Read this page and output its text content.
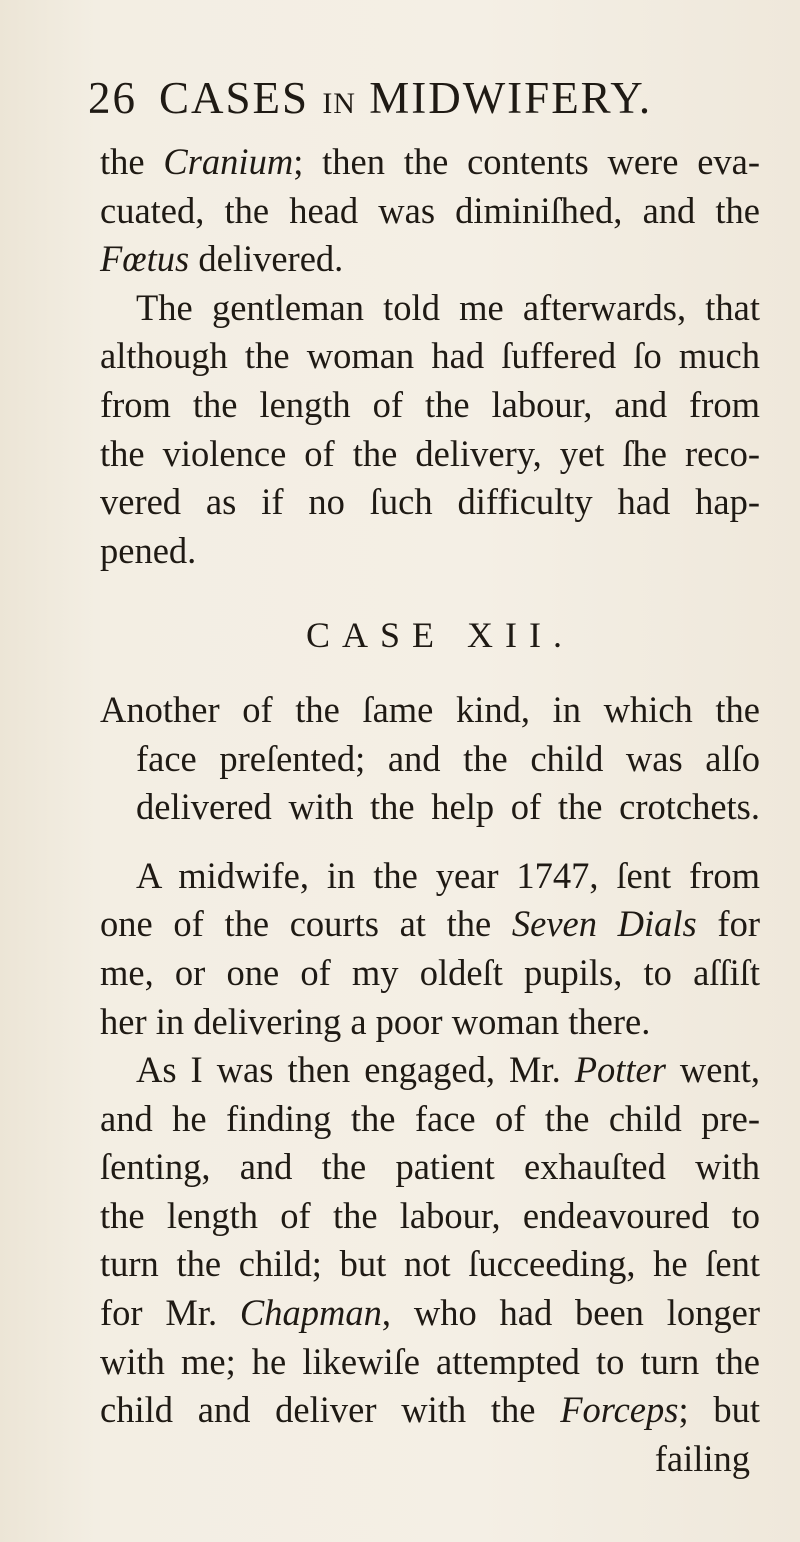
26 CASES IN MIDWIFERY.
the Cranium; then the contents were eva-
cuated, the head was diminiſhed, and the
Fœtus delivered.
The gentleman told me afterwards, that
although the woman had ſuffered ſo much
from the length of the labour, and from
the violence of the delivery, yet ſhe reco-
vered as if no ſuch difficulty had hap-
pened.
CASE XII.
Another of the ſame kind, in which the
face preſented; and the child was alſo
delivered with the help of the crotchets.
A midwife, in the year 1747, ſent from
one of the courts at the Seven Dials for
me, or one of my oldeſt pupils, to aſſiſt
her in delivering a poor woman there.
As I was then engaged, Mr. Potter went,
and he finding the face of the child pre-
ſenting, and the patient exhauſted with
the length of the labour, endeavoured to
turn the child; but not ſucceeding, he ſent
for Mr. Chapman, who had been longer
with me; he likewiſe attempted to turn the
child and deliver with the Forceps; but
failing
